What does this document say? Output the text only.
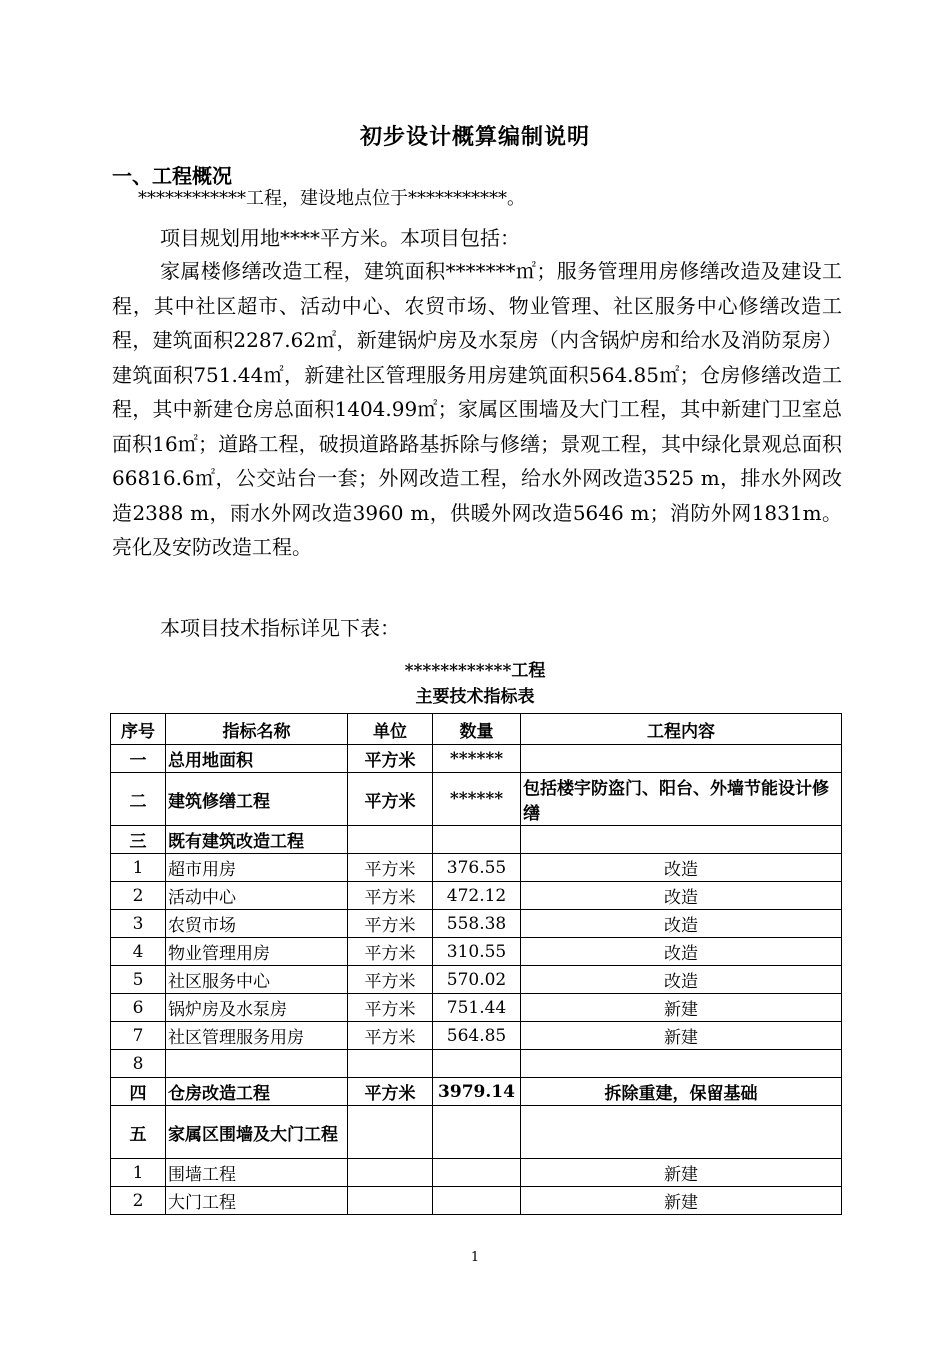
初步设计概算编制说明
一、工程概况
************工程，建设地点位于***********。
项目规划用地****平方米。本项目包括：
家属楼修缮改造工程，建筑面积*******㎡；服务管理用房修缮改造及建设工程，其中社区超市、活动中心、农贸市场、物业管理、社区服务中心修缮改造工程，建筑面积2287.62㎡，新建锅炉房及水泵房（内含锅炉房和给水及消防泵房）建筑面积751.44㎡，新建社区管理服务用房建筑面积564.85㎡；仓房修缮改造工程，其中新建仓房总面积1404.99㎡；家属区围墙及大门工程，其中新建门卫室总面积16㎡；道路工程，破损道路路基拆除与修缮；景观工程，其中绿化景观总面积66816.6㎡，公交站台一套；外网改造工程，给水外网改造3525 m，排水外网改造2388 m，雨水外网改造3960 m，供暖外网改造5646 m；消防外网1831m。亮化及安防改造工程。
本项目技术指标详见下表：
************工程
主要技术指标表
序号	指标名称	单位	数量	工程内容
一	总用地面积	平方米	******	
二	建筑修缮工程	平方米	******	包括楼宇防盗门、阳台、外墙节能设计修缮
三	既有建筑改造工程			
1	超市用房	平方米	376.55	改造
2	活动中心	平方米	472.12	改造
3	农贸市场	平方米	558.38	改造
4	物业管理用房	平方米	310.55	改造
5	社区服务中心	平方米	570.02	改造
6	锅炉房及水泵房	平方米	751.44	新建
7	社区管理服务用房	平方米	564.85	新建
8				
四	仓房改造工程	平方米	3979.14	拆除重建，保留基础
五	家属区围墙及大门工程			
1	围墙工程			新建
2	大门工程			新建
1
